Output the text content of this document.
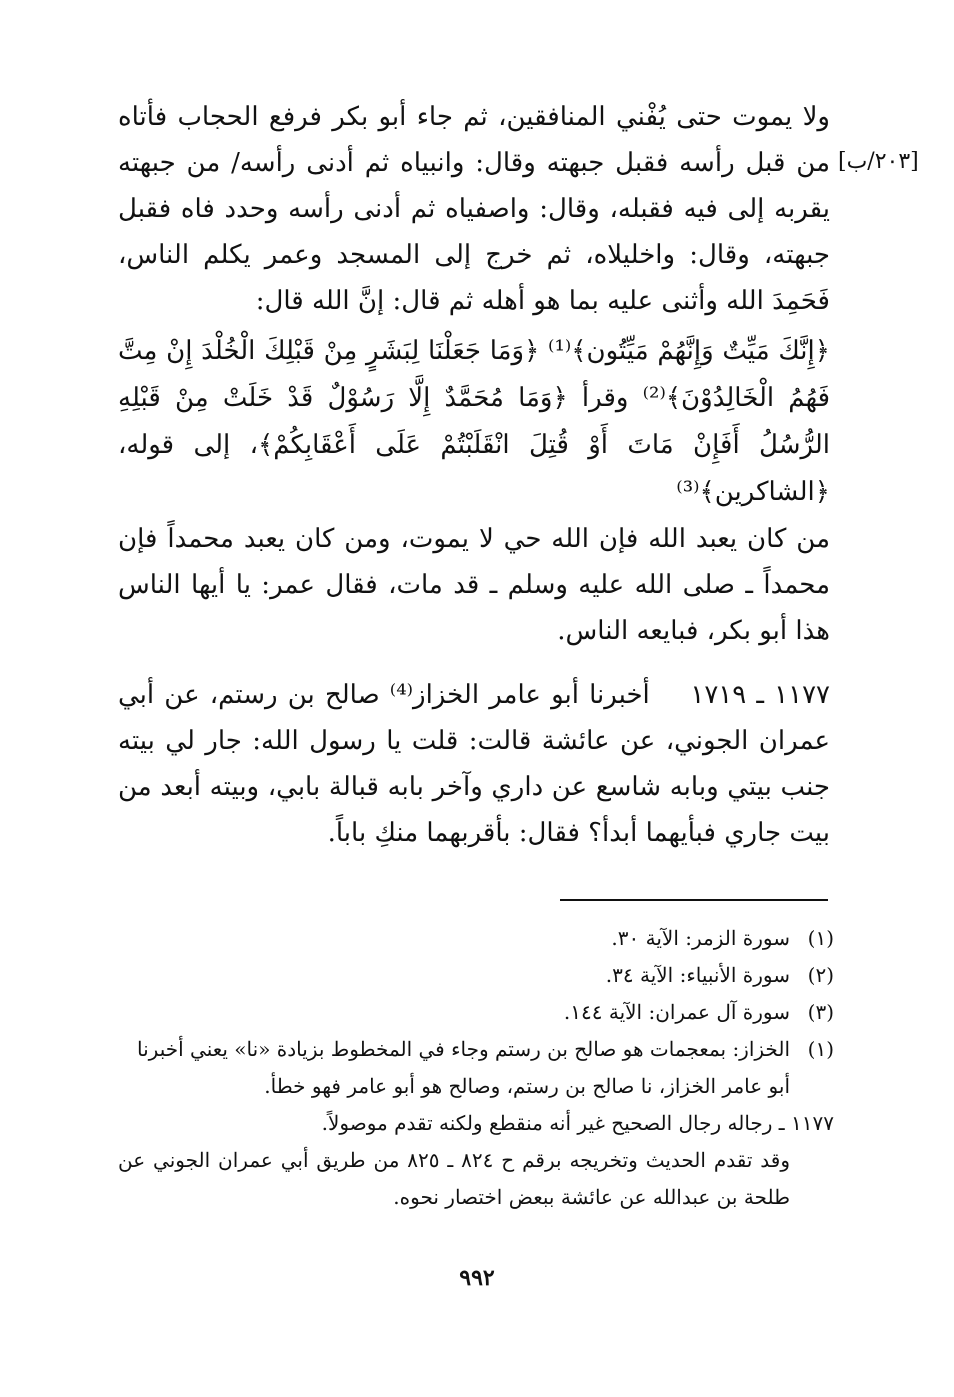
[٢٠٣/ب]

ولا يموت حتى يُفْني المنافقين، ثم جاء أبو بكر فرفع الحجاب فأتاه من قبل رأسه فقبل جبهته وقال: وانبياه ثم أدنى رأسه/ من جبهته يقربه إلى فيه فقبله، وقال: واصفياه ثم أدنى رأسه وحدد فاه فقبل جبهته، وقال: واخليلاه، ثم خرج إلى المسجد وعمر يكلم الناس، فَحَمِدَ الله وأثنى عليه بما هو أهله ثم قال: إنَّ الله قال:

﴿إِنَّكَ مَيِّتٌ وَإِنَّهُمْ مَيِّتُون﴾⁽¹⁾ ﴿وَمَا جَعَلْنَا لِبَشَرٍ مِنْ قَبْلِكَ الْخُلْدَ إِنْ مِتَّ فَهُمُ الْخَالِدُوْنَ﴾⁽²⁾ وقرأ ﴿وَمَا مُحَمَّدٌ إِلَّا رَسُوْلٌ قَدْ خَلَتْ مِنْ قَبْلِهِ الرُّسُلُ أَفَإِنْ مَاتَ أَوْ قُتِلَ انْقَلَبْتُمْ عَلَى أَعْقَابِكُمْ﴾، إلى قوله، ﴿الشاكرين﴾⁽³⁾

من كان يعبد الله فإن الله حي لا يموت، ومن كان يعبد محمداً فإن محمداً ـ صلى الله عليه وسلم ـ قد مات، فقال عمر: يا أيها الناس هذا أبو بكر، فبايعه الناس.

١١٧٧ ـ ١٧١٩    أخبرنا أبو عامر الخزاز⁽⁴⁾ صالح بن رستم، عن أبي عمران الجوني، عن عائشة قالت: قلت يا رسول الله: جار لي بيته جنب بيتي وبابه شاسع عن داري وآخر بابه قبالة بابي، وبيته أبعد من بيت جاري فبأيهما أبدأ؟ فقال: بأقربهما منكِ باباً.

(١)
سورة الزمر: الآية ٣٠.
(٢)
سورة الأنبياء: الآية ٣٤.
(٣)
سورة آل عمران: الآية ١٤٤.
(١)
الخزاز: بمعجمات هو صالح بن رستم وجاء في المخطوط بزيادة «نا» يعني أخبرنا
أبو عامر الخزاز، نا صالح بن رستم، وصالح هو أبو عامر فهو خطأ.
١١٧٧ ـ رجاله رجال الصحيح غير أنه منقطع ولكنه تقدم موصولاً.
وقد تقدم الحديث وتخريجه برقم ح ٨٢٤ ـ ٨٢٥ من طريق أبي عمران الجوني عن طلحة بن عبدالله عن عائشة ببعض اختصار نحوه.
٩٩٢
